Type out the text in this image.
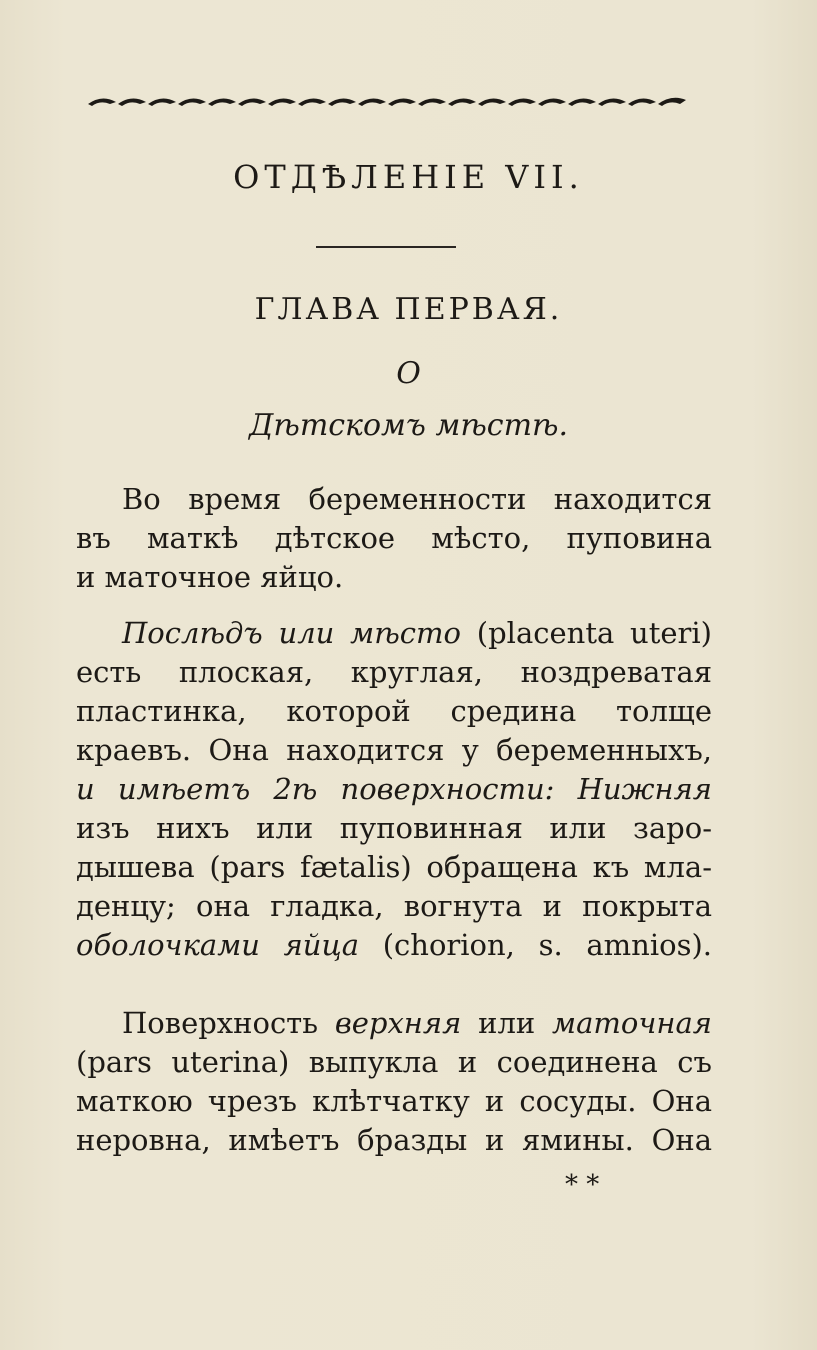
ОТДѢЛЕНІЕ VII.
ГЛАВА ПЕРВАЯ.
О
Дѣтскомъ мѣстѣ.
Во время беременности находится
въ маткѣ дѣтское мѣсто, пуповина
и маточное яйцо.
Послѣдъ или мѣсто (placenta uteri)
есть плоская, круглая, ноздреватая
пластинка, которой средина толще
краевъ. Она находится у беременныхъ,
и имѣетъ 2ѣ поверхности: Нижняя
изъ нихъ или пуповинная или заро-
дышева (pars fætalis) обращена къ мла-
денцу; она гладка, вогнута и покрыта
оболочками яйца (chorion, s. amnios).
Поверхность верхняя или маточная
(pars uterina) выпукла и соединена съ
маткою чрезъ клѣтчатку и сосуды. Она
неровна, имѣетъ бразды и ямины. Она
* *
